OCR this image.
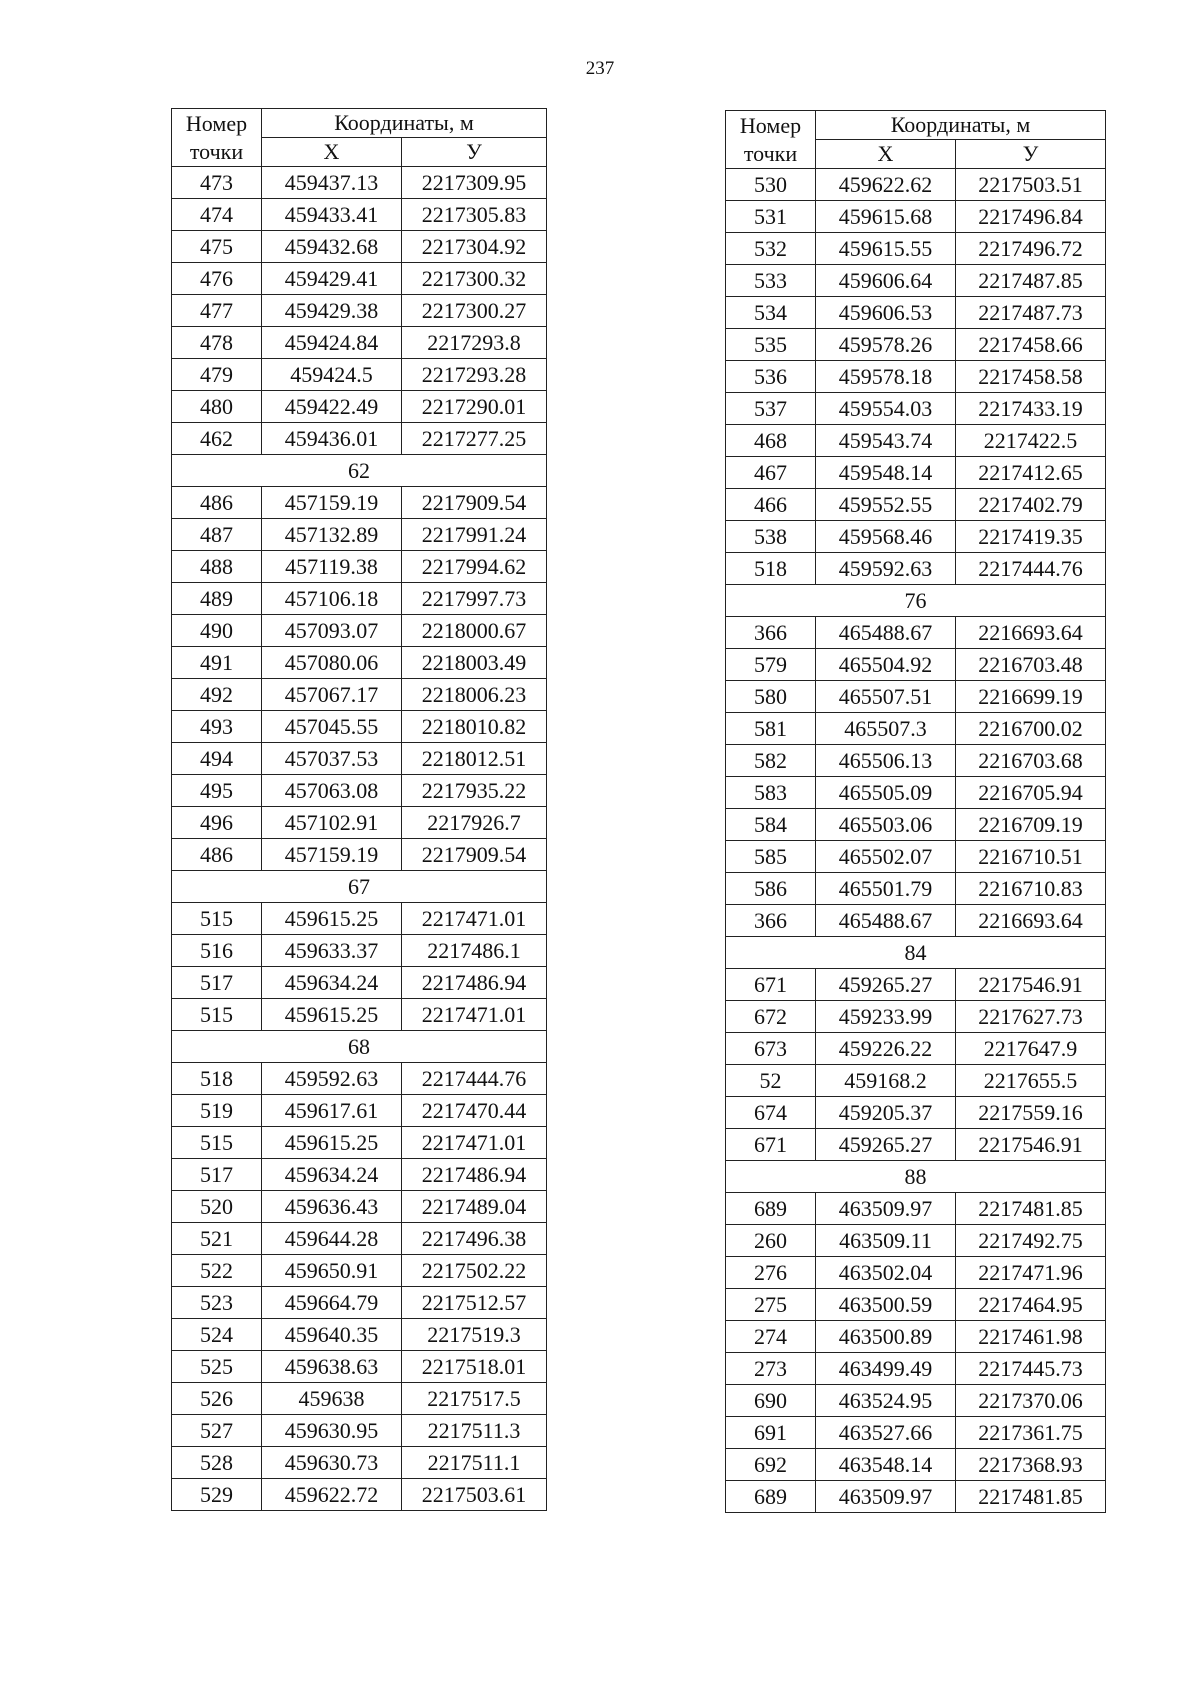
237
Номер
точки	Координаты, м	
	Х	У
473	459437.13	2217309.95
474	459433.41	2217305.83
475	459432.68	2217304.92
476	459429.41	2217300.32
477	459429.38	2217300.27
478	459424.84	2217293.8
479	459424.5	2217293.28
480	459422.49	2217290.01
462	459436.01	2217277.25
62		
486	457159.19	2217909.54
487	457132.89	2217991.24
488	457119.38	2217994.62
489	457106.18	2217997.73
490	457093.07	2218000.67
491	457080.06	2218003.49
492	457067.17	2218006.23
493	457045.55	2218010.82
494	457037.53	2218012.51
495	457063.08	2217935.22
496	457102.91	2217926.7
486	457159.19	2217909.54
67		
515	459615.25	2217471.01
516	459633.37	2217486.1
517	459634.24	2217486.94
515	459615.25	2217471.01
68		
518	459592.63	2217444.76
519	459617.61	2217470.44
515	459615.25	2217471.01
517	459634.24	2217486.94
520	459636.43	2217489.04
521	459644.28	2217496.38
522	459650.91	2217502.22
523	459664.79	2217512.57
524	459640.35	2217519.3
525	459638.63	2217518.01
526	459638	2217517.5
527	459630.95	2217511.3
528	459630.73	2217511.1
529	459622.72	2217503.61
Номер
точки	Координаты, м	
	Х	У
530	459622.62	2217503.51
531	459615.68	2217496.84
532	459615.55	2217496.72
533	459606.64	2217487.85
534	459606.53	2217487.73
535	459578.26	2217458.66
536	459578.18	2217458.58
537	459554.03	2217433.19
468	459543.74	2217422.5
467	459548.14	2217412.65
466	459552.55	2217402.79
538	459568.46	2217419.35
518	459592.63	2217444.76
76		
366	465488.67	2216693.64
579	465504.92	2216703.48
580	465507.51	2216699.19
581	465507.3	2216700.02
582	465506.13	2216703.68
583	465505.09	2216705.94
584	465503.06	2216709.19
585	465502.07	2216710.51
586	465501.79	2216710.83
366	465488.67	2216693.64
84		
671	459265.27	2217546.91
672	459233.99	2217627.73
673	459226.22	2217647.9
52	459168.2	2217655.5
674	459205.37	2217559.16
671	459265.27	2217546.91
88		
689	463509.97	2217481.85
260	463509.11	2217492.75
276	463502.04	2217471.96
275	463500.59	2217464.95
274	463500.89	2217461.98
273	463499.49	2217445.73
690	463524.95	2217370.06
691	463527.66	2217361.75
692	463548.14	2217368.93
689	463509.97	2217481.85
